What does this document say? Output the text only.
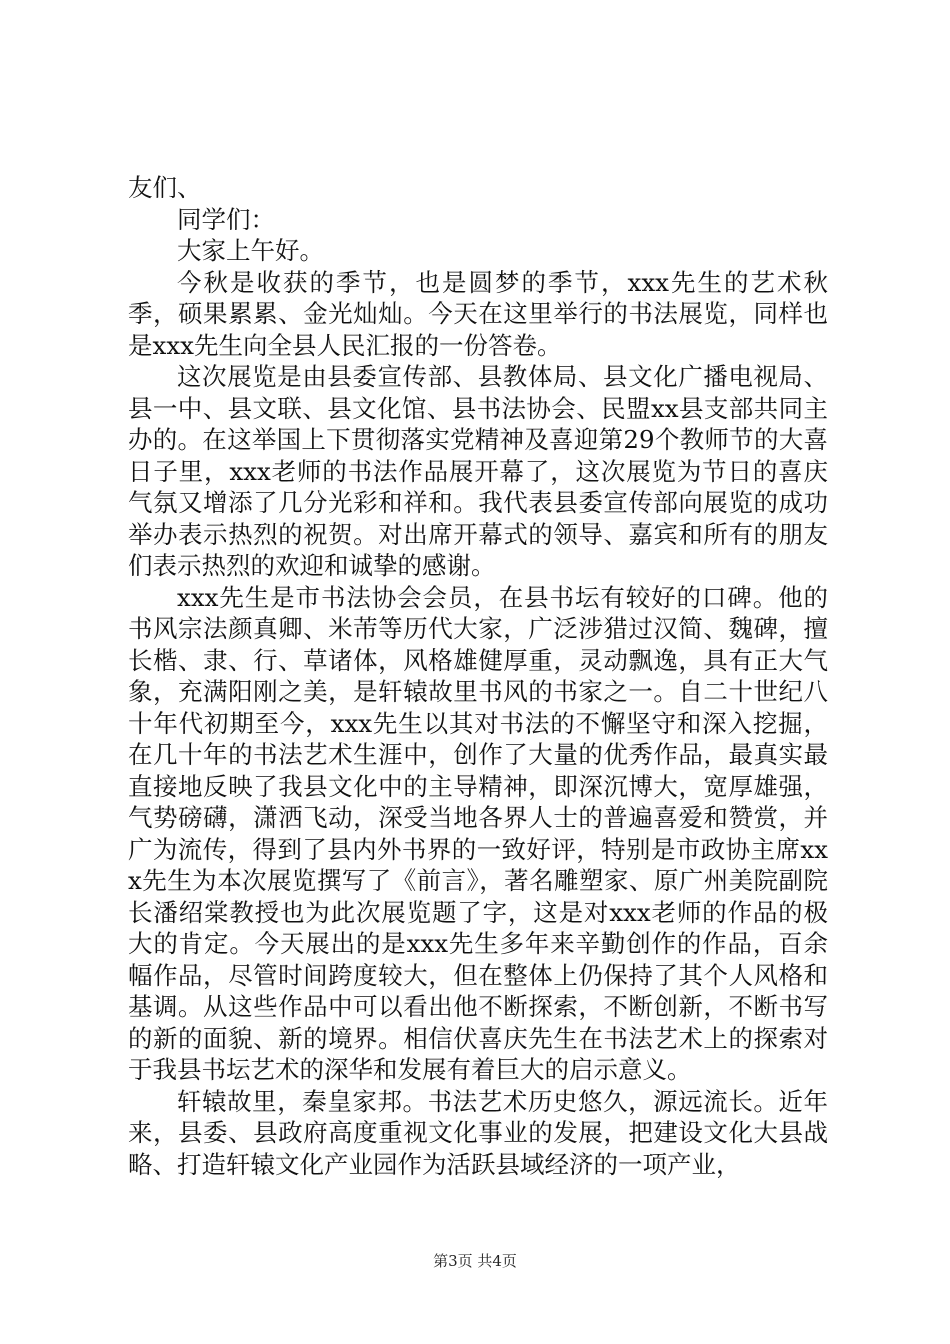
友们、

同学们：

大家上午好。

今秋是收获的季节，也是圆梦的季节，xxx先生的艺术秋季，硕果累累、金光灿灿。今天在这里举行的书法展览，同样也是xxx先生向全县人民汇报的一份答卷。

这次展览是由县委宣传部、县教体局、县文化广播电视局、县一中、县文联、县文化馆、县书法协会、民盟xx县支部共同主办的。在这举国上下贯彻落实党精神及喜迎第29个教师节的大喜日子里，xxx老师的书法作品展开幕了，这次展览为节日的喜庆气氛又增添了几分光彩和祥和。我代表县委宣传部向展览的成功举办表示热烈的祝贺。对出席开幕式的领导、嘉宾和所有的朋友们表示热烈的欢迎和诚挚的感谢。

xxx先生是市书法协会会员，在县书坛有较好的口碑。他的书风宗法颜真卿、米芾等历代大家，广泛涉猎过汉简、魏碑，擅长楷、隶、行、草诸体，风格雄健厚重，灵动飘逸，具有正大气象，充满阳刚之美，是轩辕故里书风的书家之一。自二十世纪八十年代初期至今，xxx先生以其对书法的不懈坚守和深入挖掘，在几十年的书法艺术生涯中，创作了大量的优秀作品，最真实最直接地反映了我县文化中的主导精神，即深沉博大，宽厚雄强，气势磅礴，潇洒飞动，深受当地各界人士的普遍喜爱和赞赏，并广为流传，得到了县内外书界的一致好评，特别是市政协主席xxx先生为本次展览撰写了《前言》，著名雕塑家、原广州美院副院长潘绍棠教授也为此次展览题了字，这是对xxx老师的作品的极大的肯定。今天展出的是xxx先生多年来辛勤创作的作品，百余幅作品，尽管时间跨度较大，但在整体上仍保持了其个人风格和基调。从这些作品中可以看出他不断探索，不断创新，不断书写的新的面貌、新的境界。相信伏喜庆先生在书法艺术上的探索对于我县书坛艺术的深华和发展有着巨大的启示意义。

轩辕故里，秦皇家邦。书法艺术历史悠久，源远流长。近年来，县委、县政府高度重视文化事业的发展，把建设文化大县战略、打造轩辕文化产业园作为活跃县域经济的一项产业，

第3页 共4页
